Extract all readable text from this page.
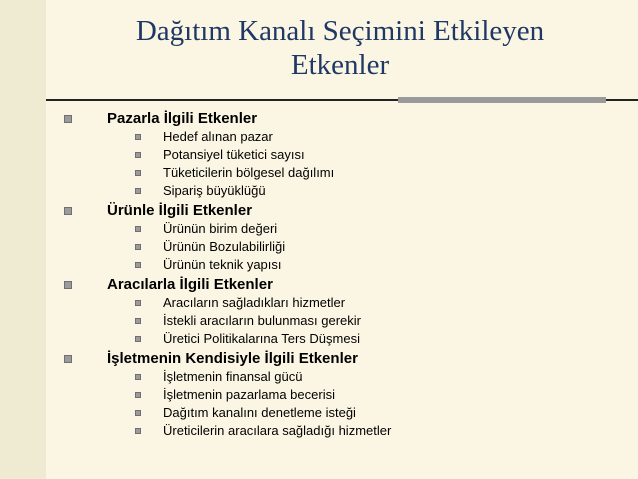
Dağıtım Kanalı Seçimini Etkileyen
Etkenler
Pazarla İlgili Etkenler
Hedef alınan pazar
Potansiyel tüketici sayısı
Tüketicilerin bölgesel dağılımı
Sipariş büyüklüğü
Ürünle İlgili Etkenler
Ürünün birim değeri
Ürünün Bozulabilirliği
Ürünün teknik yapısı
Aracılarla İlgili Etkenler
Aracıların sağladıkları hizmetler
İstekli aracıların bulunması gerekir
Üretici Politikalarına Ters Düşmesi
İşletmenin Kendisiyle İlgili Etkenler
İşletmenin finansal gücü
İşletmenin pazarlama becerisi
Dağıtım kanalını denetleme isteği
Üreticilerin aracılara sağladığı hizmetler
